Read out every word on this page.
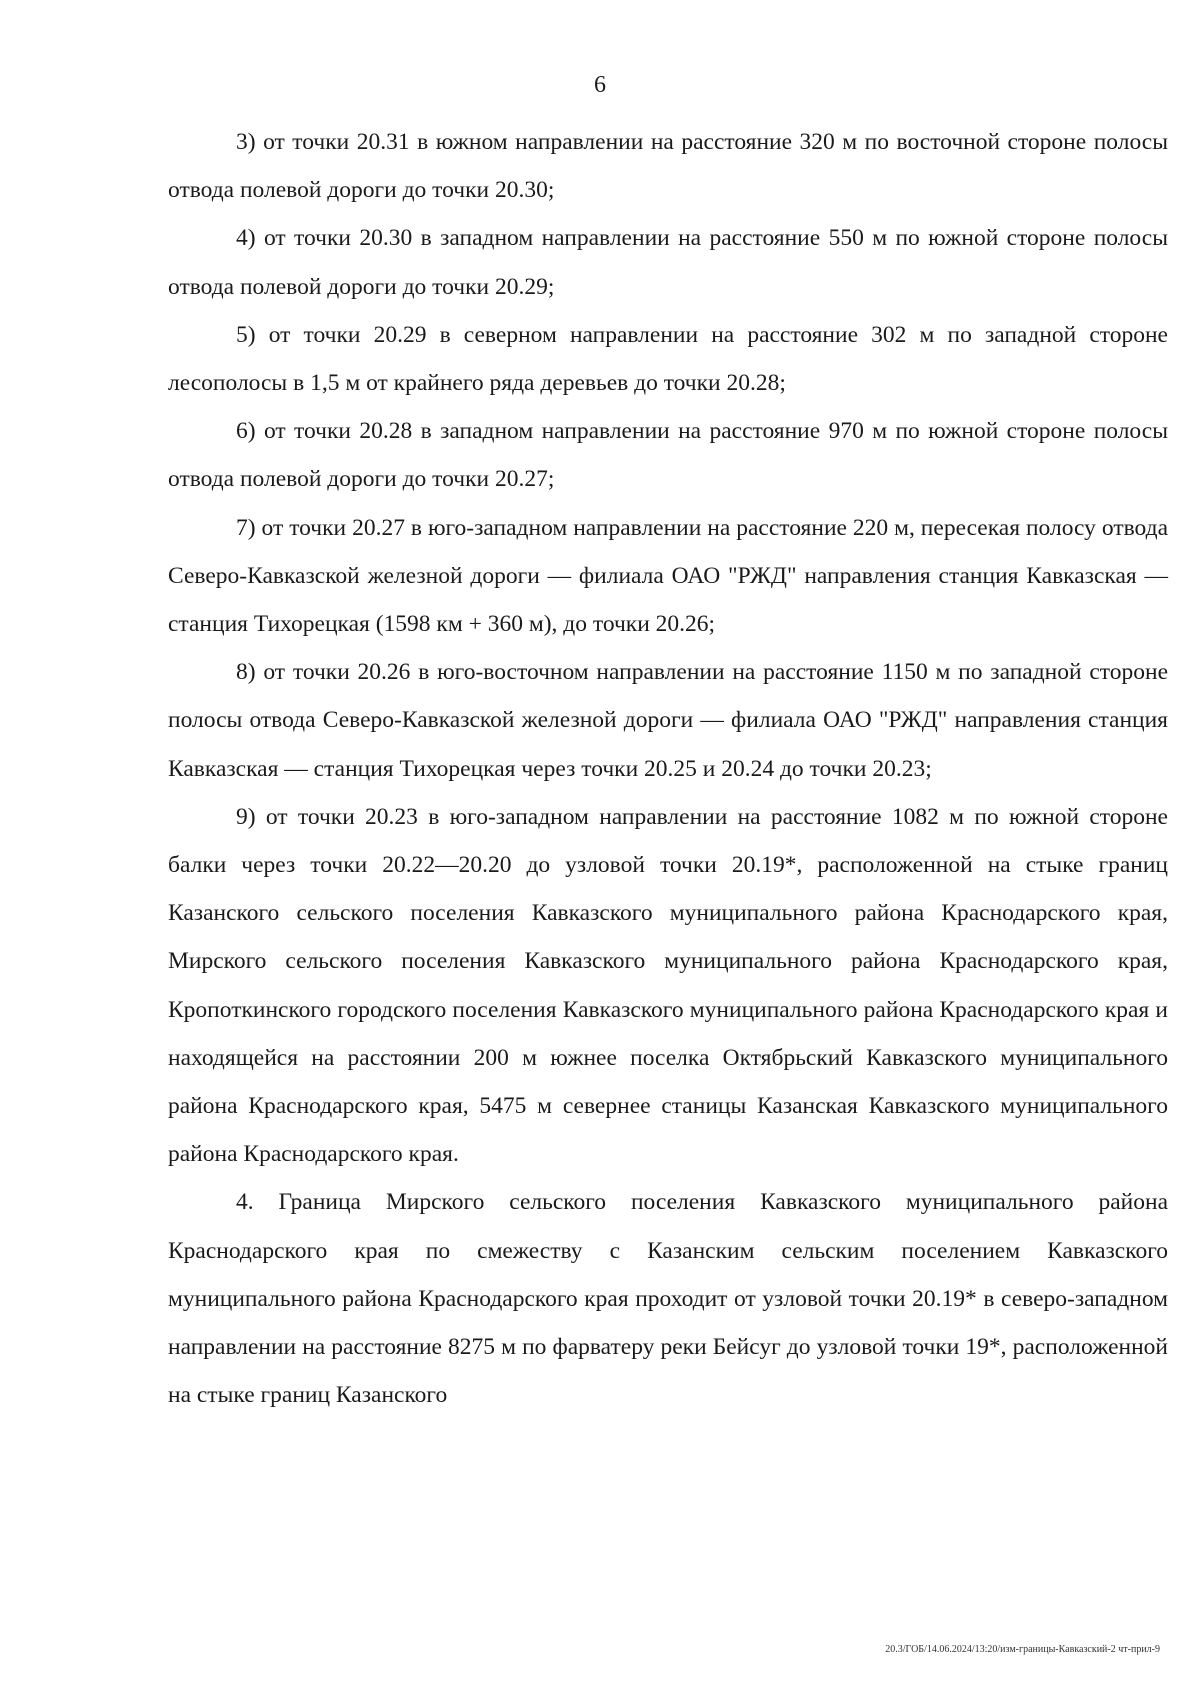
6

3) от точки 20.31 в южном направлении на расстояние 320 м по восточной стороне полосы отвода полевой дороги до точки 20.30;

4) от точки 20.30 в западном направлении на расстояние 550 м по южной стороне полосы отвода полевой дороги до точки 20.29;

5) от точки 20.29 в северном направлении на расстояние 302 м по западной стороне лесополосы в 1,5 м от крайнего ряда деревьев до точки 20.28;

6) от точки 20.28 в западном направлении на расстояние 970 м по южной стороне полосы отвода полевой дороги до точки 20.27;

7) от точки 20.27 в юго-западном направлении на расстояние 220 м, пересекая полосу отвода Северо-Кавказской железной дороги — филиала ОАО "РЖД" направления станция Кавказская — станция Тихорецкая (1598 км + 360 м), до точки 20.26;

8) от точки 20.26 в юго-восточном направлении на расстояние 1150 м по западной стороне полосы отвода Северо-Кавказской железной дороги — филиала ОАО "РЖД" направления станция Кавказская — станция Тихорецкая через точки 20.25 и 20.24 до точки 20.23;

9) от точки 20.23 в юго-западном направлении на расстояние 1082 м по южной стороне балки через точки 20.22—20.20 до узловой точки 20.19*, расположенной на стыке границ Казанского сельского поселения Кавказского муниципального района Краснодарского края, Мирского сельского поселения Кавказского муниципального района Краснодарского края, Кропоткинского городского поселения Кавказского муниципального района Краснодарского края и находящейся на расстоянии 200 м южнее поселка Октябрьский Кавказского муниципального района Краснодарского края, 5475 м севернее станицы Казанская Кавказского муниципального района Краснодарского края.

4. Граница Мирского сельского поселения Кавказского муниципального района Краснодарского края по смежеству с Казанским сельским поселением Кавказского муниципального района Краснодарского края проходит от узловой точки 20.19* в северо-западном направлении на расстояние 8275 м по фарватеру реки Бейсуг до узловой точки 19*, расположенной на стыке границ Казанского

20.3/ГОБ/14.06.2024/13:20/изм-границы-Кавказский-2 чт-прил-9
